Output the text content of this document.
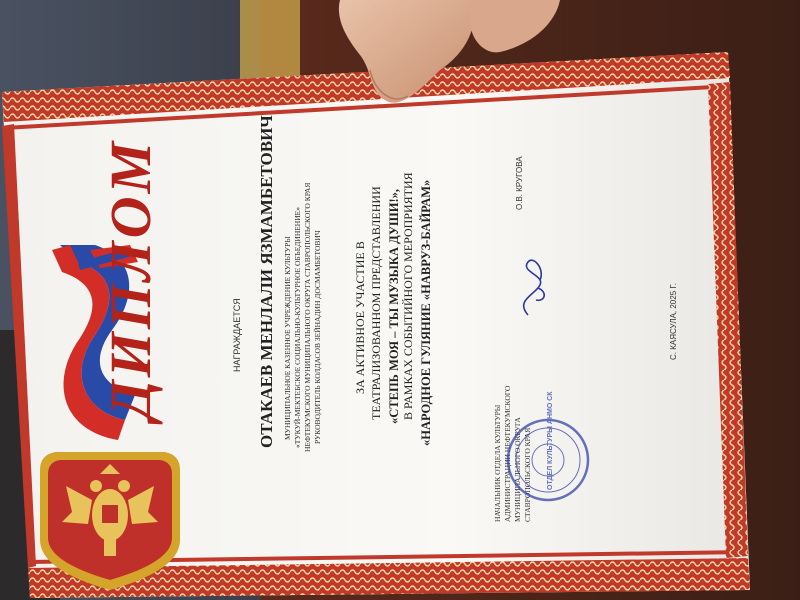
ДИПЛОМ	НАГРАЖДАЕТСЯ ОТАКАЕВ МЕНЛАЛИ ЯЗМАМБЕТОВИЧ МУНИЦИПАЛЬНОЕ КАЗЕННОЕ УЧРЕЖДЕНИЕ КУЛЬТУРЫ «ТУКУЙ-МЕКТЕБСКОЕ СОЦИАЛЬНО-КУЛЬТУРНОЕ ОБЪЕДИНЕНИЕ» НЕФТЕКУМСКОГО МУНИЦИПАЛЬНОГО ОКРУГА СТАВРОПОЛЬСКОГО КРАЯ РУКОВОДИТЕЛЬ КОЛДАСОВ ЗЕЙНАДИН ДОСМАМБЕТОВИЧ	ЗА АКТИВНОЕ УЧАСТИЕ В ТЕАТРАЛИЗОВАННОМ ПРЕДСТАВЛЕНИИ «СТЕПЬ МОЯ – ТЫ МУЗЫКА ДУШИ!», В РАМКАХ СОБЫТИЙНОГО МЕРОПРИЯТИЯ «НАРОДНОЕ ГУЛЯНИЕ «НАВРУЗ-БАЙРАМ»
НАЧАЛЬНИК ОТДЕЛА КУЛЬТУРЫ АДМИНИСТРАЦИИ НЕФТЕКУМСКОГО МУНИЦИПАЛЬНОГО ОКРУГА СТАВРОПОЛЬСКОГО КРАЯ ОТДЕЛ КУЛЬТУРЫ АНМО СК
О.В. КРУГОВА
С. КАЯСУЛА, 2025 Г.
